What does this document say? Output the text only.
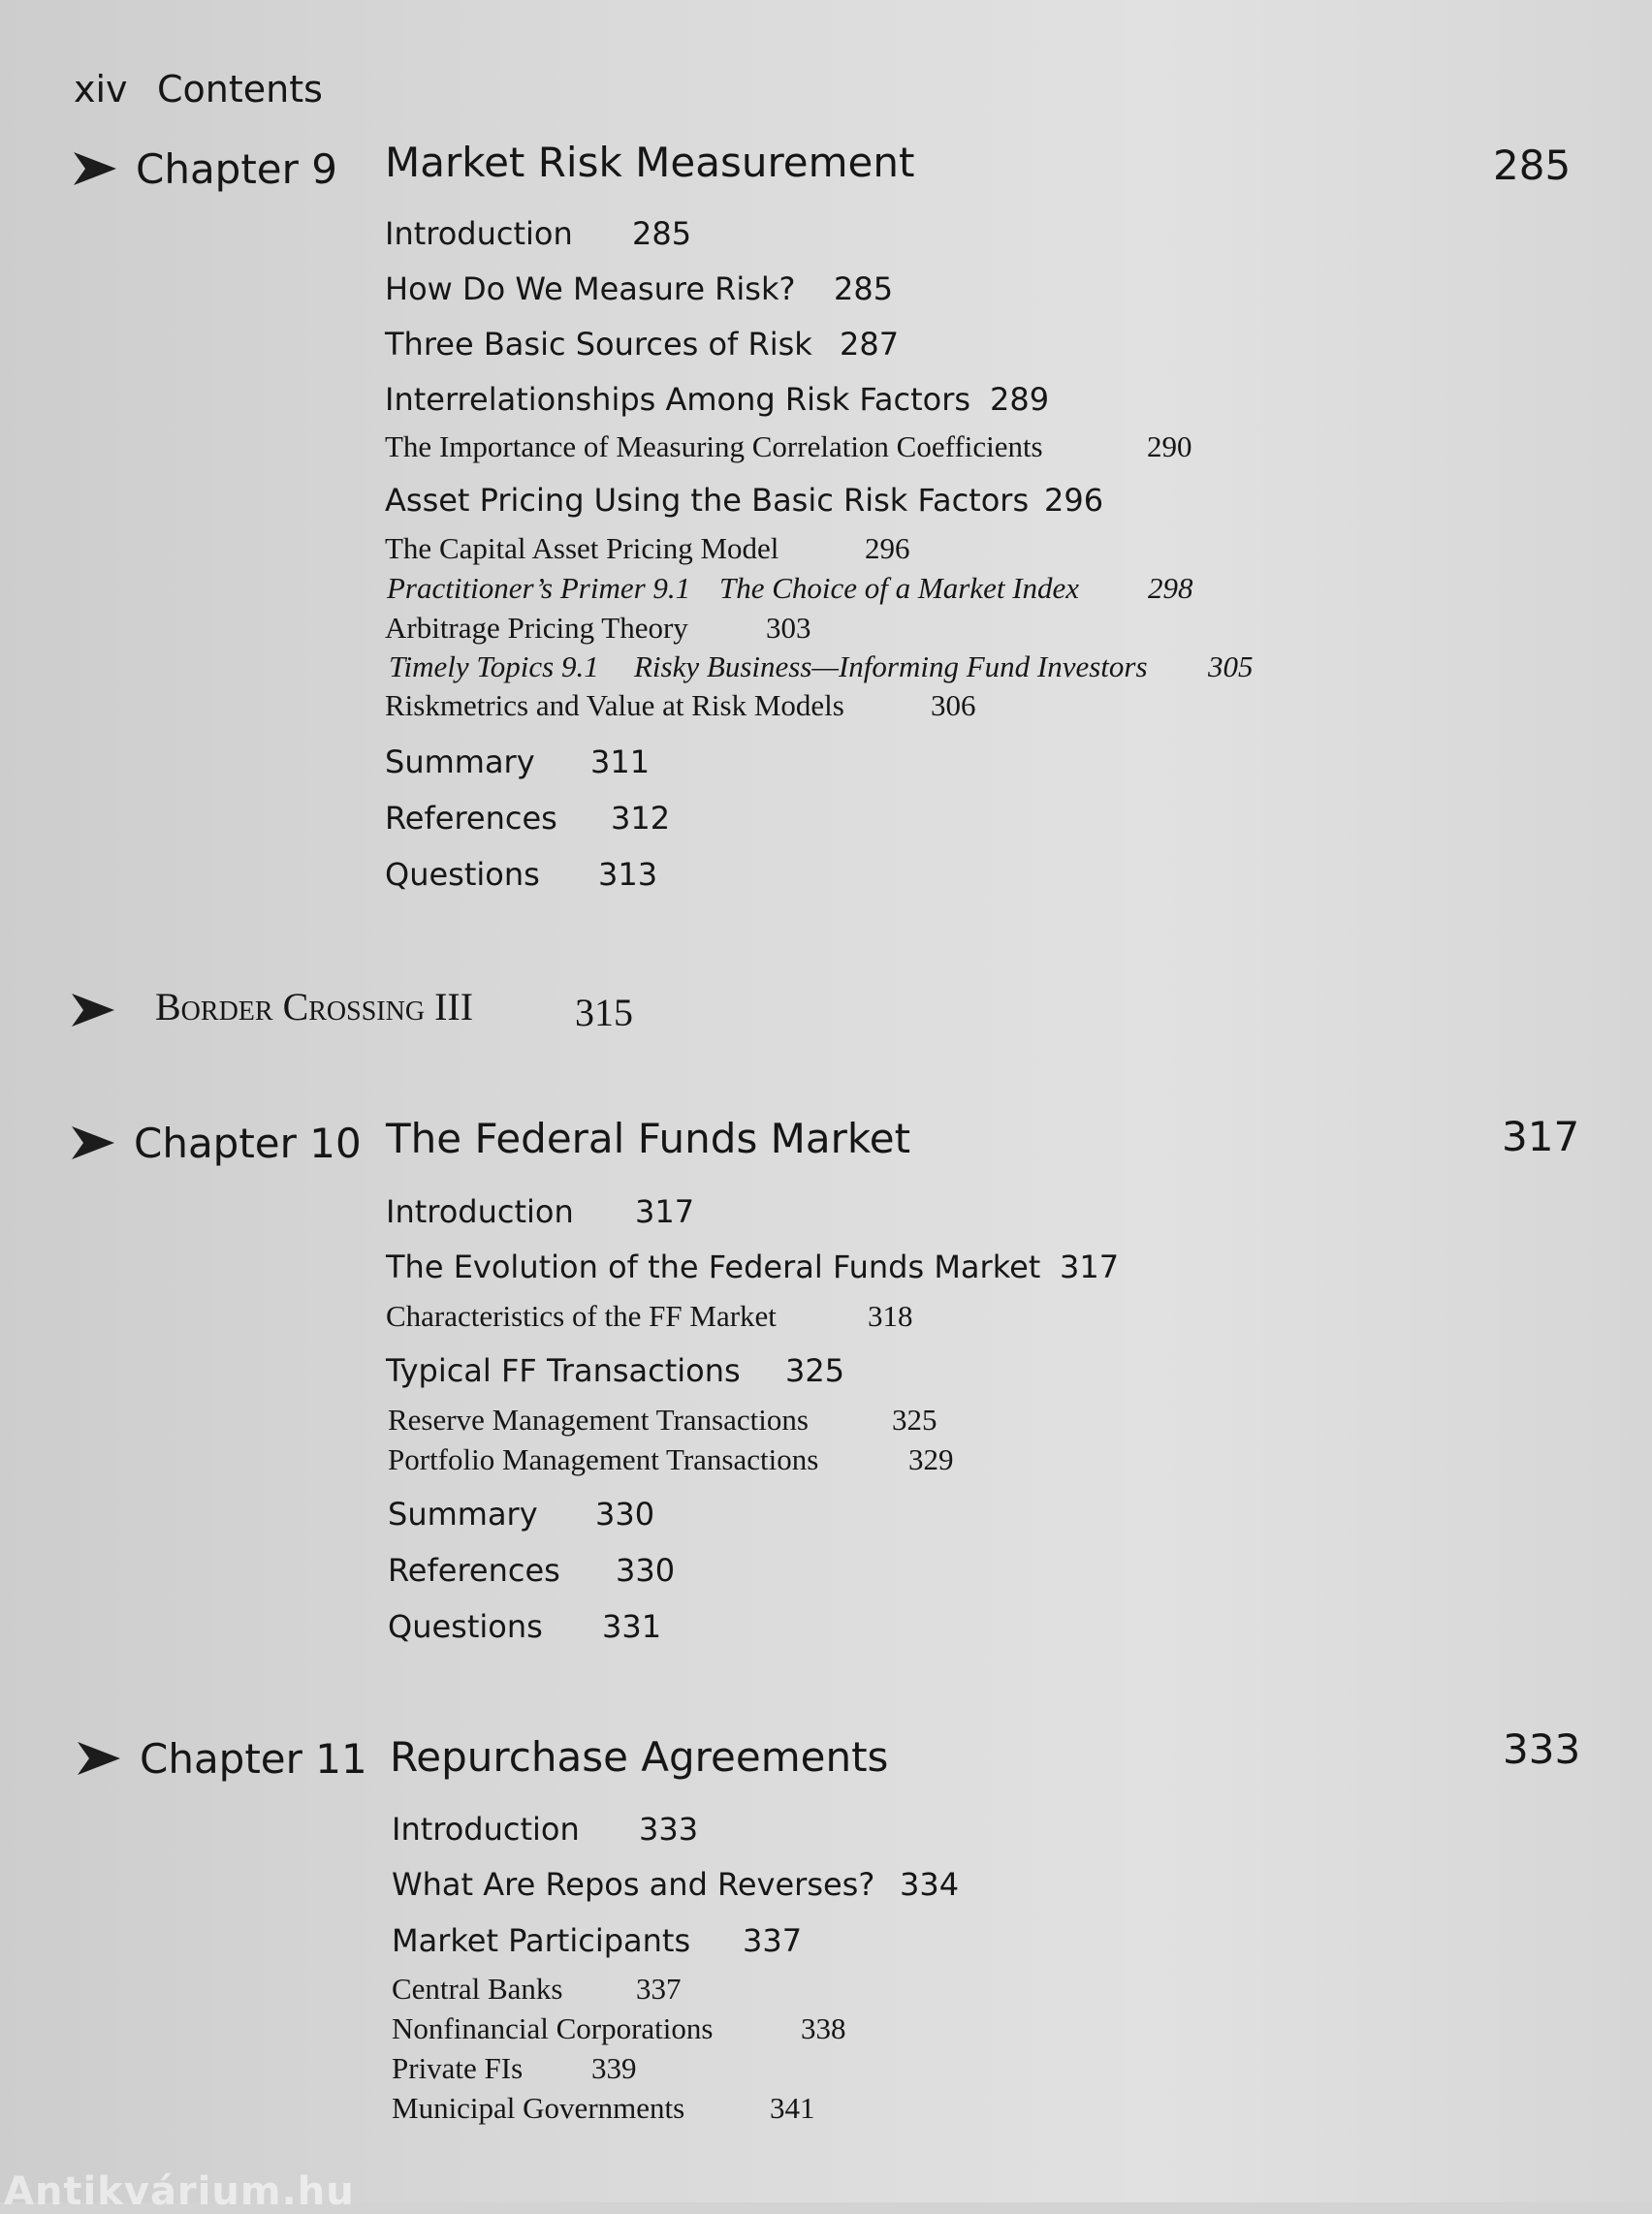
xiv Contents
Chapter 9 Market Risk Measurement	285
Introduction 285
How Do We Measure Risk? 285
Three Basic Sources of Risk 287
Interrelationships Among Risk Factors 289
The Importance of Measuring Correlation Coefficients	290
Asset Pricing Using the Basic Risk Factors 296
The Capital Asset Pricing Model	296
Practitioner’s Primer 9.1 The Choice of a Market Index 298
Arbitrage Pricing Theory	303
Timely Topics 9.1 Risky Business—Informing Fund Investors 305
Riskmetrics and Value at Risk Models	306
Summary 311
References 312
Questions 313
Border Crossing III	315
Chapter 10 The Federal Funds Market	317
Introduction 317
The Evolution of the Federal Funds Market 317
Characteristics of the FF Market	318
Typical FF Transactions 325
Reserve Management Transactions	325
Portfolio Management Transactions	329
Summary 330
References 330
Questions 331
Chapter 11 Repurchase Agreements	333
Introduction 333
What Are Repos and Reverses? 334
Market Participants 337
Central Banks 337
Nonfinancial Corporations	338
Private FIs 339
Municipal Governments	341
Antikvárium.hu
